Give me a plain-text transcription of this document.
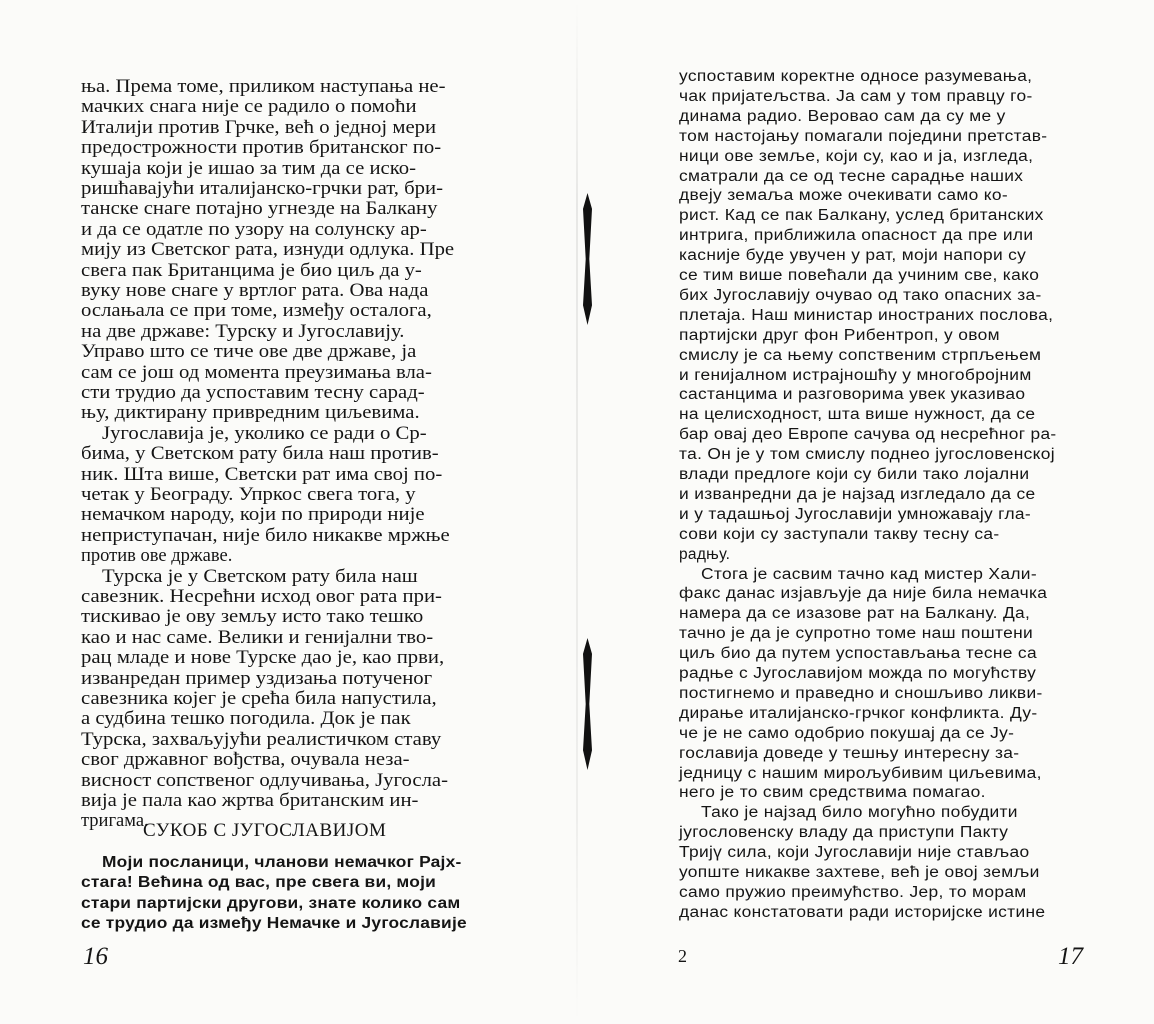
ња. Према томе, приликом наступања не-
мачких снага није се радило о помоћи
Италији против Грчке, већ о једној мери
предострожности против британског по-
кушаја који је ишао за тим да се иско-
ришћавајући италијанско-грчки рат, бри-
танске снаге потајно угнезде на Балкану
и да се одатле по узору на солунску ар-
мију из Светског рата, изнуди одлука. Пре
свега пак Британцима је био циљ да у-
вуку нове снаге у вртлог рата. Ова нада
ослањала се при томе, између осталога,
на две државе: Турску и Југославију.
Управо што се тиче ове две државе, ја
сам се још од момента преузимања вла-
сти трудио да успоставим тесну сарад-
њу, диктирану привредним циљевима.
Југославија је, уколико се ради о Ср-
бима, у Светском рату била наш против-
ник. Шта више, Светски рат има свој по-
четак у Београду. Упркос свега тога, у
немачком народу, који по природи није
неприступачан, није било никакве мржње
против ове државе.
Турска је у Светском рату била наш
савезник. Несрећни исход овог рата при-
тискивао је ову земљу исто тако тешко
као и нас саме. Велики и генијални тво-
рац младе и нове Турске дао је, као први,
изванредан пример уздизања потученог
савезника којег је срећа била напустила,
а судбина тешко погодила. Док је пак
Турска, захваљујући реалистичком ставу
свог државног вођства, очувала неза-
висност сопственог одлучивања, Југосла-
вија је пала као жртва британским ин-
тригама.
СУКОБ С ЈУГОСЛАВИЈОМ
Моји посланици, чланови немачког Рајх-
стага! Већина од вас, пре свега ви, моји
стари партијски другови, знате колико сам
се трудио да између Немачке и Југославије
16
успоставим коректне односе разумевања,
чак пријатељства. Ја сам у том правцу го-
динама радио. Веровао сам да су ме у
том настојању помагали поједини претстав-
ници ове земље, који су, као и ја, изгледа,
сматрали да се од тесне сарадње наших
двеју земаља може очекивати само ко-
рист. Кад се пак Балкану, услед британских
интрига, приближила опасност да пре или
касније буде увучен у рат, моји напори су
се тим више повећали да учиним све, како
бих Југославију очувао од тако опасних за-
плетаја. Наш министар иностраних послова,
партијски друг фон Рибентроп, у овом
смислу је са њему сопственим стрпљењем
и генијалном истрајношћу у многобројним
састанцима и разговорима увек указивао
на целисходност, шта више нужност, да се
бар овај део Европе сачува од несрећног ра-
та. Он је у том смислу поднео југословенској
влади предлоге који су били тако лојални
и изванредни да је најзад изгледало да се
и у тадашњој Југославији умножавају гла-
сови који су заступали такву тесну са-
радњу.
Стога је сасвим тачно кад мистер Хали-
факс данас изјављује да није била немачка
намера да се изазове рат на Балкану. Да,
тачно је да је супротно томе наш поштени
циљ био да путем успостављања тесне са
радње с Југославијом можда по могућству
постигнемо и праведно и сношљиво ликви-
дирање италијанско-грчког конфликта. Ду-
че је не само одобрио покушај да се Ју-
гославија доведе у тешњу интересну за-
једницу с нашим мирољубивим циљевима,
него је то свим средствима помагао.
Тако је најзад било могућно побудити
југословенску владу да приступи Пакту
Тријү сила, који Југославији није стављао
уопште никакве захтеве, већ је овој земљи
само пружио преимућство. Јер, то морам
данас констатовати ради историјске истине
2	17
